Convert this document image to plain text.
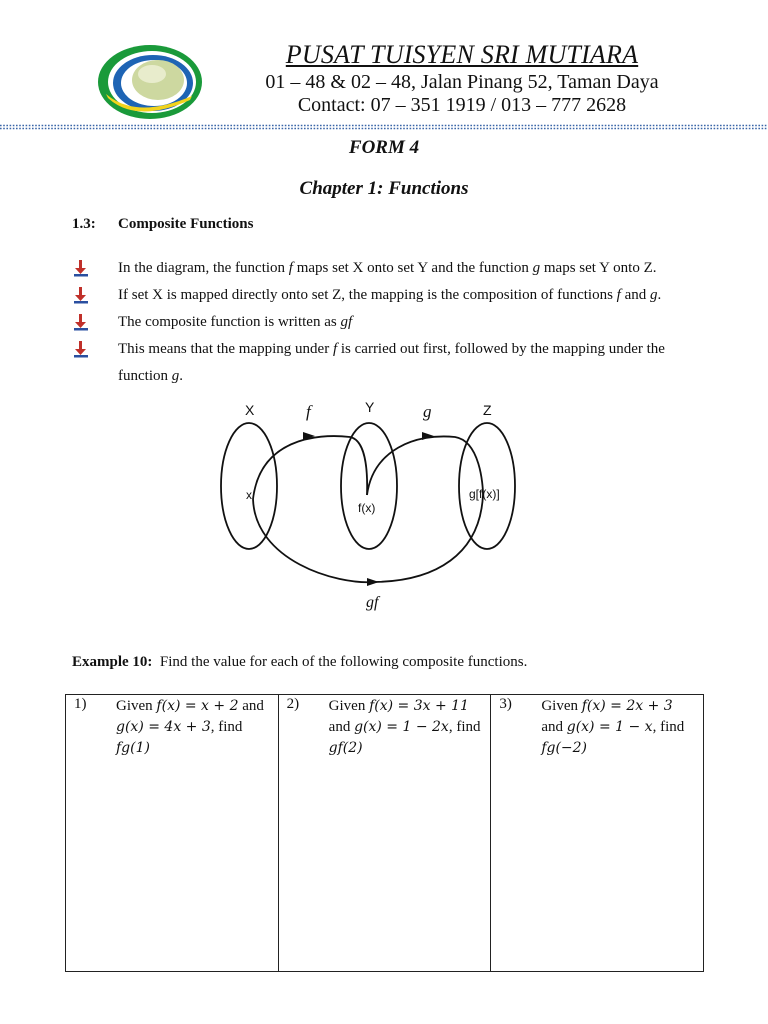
PUSAT TUISYEN SRI MUTIARA
01 – 48 & 02 – 48, Jalan Pinang 52, Taman Daya
Contact: 07 – 351 1919 / 013 – 777 2628
FORM 4
Chapter 1: Functions
1.3: Composite Functions
In the diagram, the function f maps set X onto set Y and the function g maps set Y onto Z.
If set X is mapped directly onto set Z, the mapping is the composition of functions f and g.
The composite function is written as gf
This means that the mapping under f is carried out first, followed by the mapping under the function g.
X	Y	Z
f	g
gf
x
f(x)
g[f(x)]
Example 10: Find the value for each of the following composite functions.
1) Given f(x) = x + 2 and
g(x) = 4x + 3, find
fg(1)

2) Given f(x) = 3x + 11
and g(x) = 1 − 2x, find
gf(2)

3) Given f(x) = 2x + 3
and g(x) = 1 − x, find
fg(−2)
